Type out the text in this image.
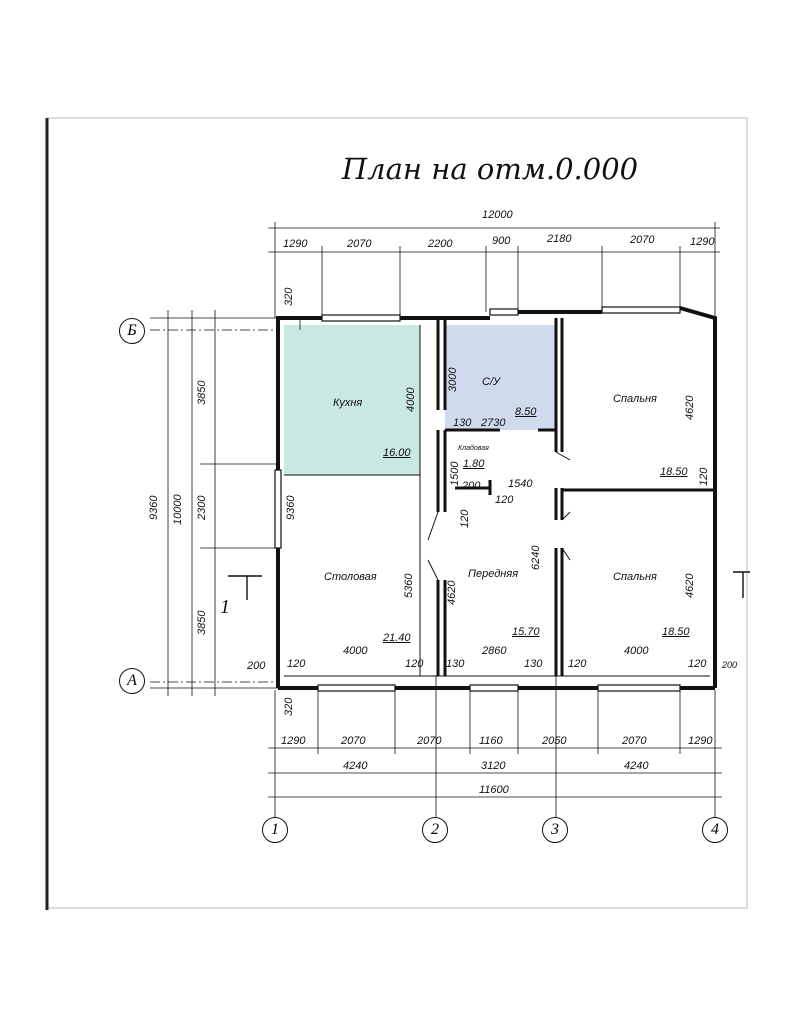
План на отм.0.000
Б
А
1	2	3	4
1
12000
1290	2070	2200	900	2180	2070	1290
1290	2070	2070	1160	2050	2070	1290
4240	3120	4240
11600
9360 10000
3850
2300
3850
320
320
Кухня
16.00
С/У
8.50
Спальня
18.50
Кладовая
1.80
Столовая
21.40
Передняя
15.70
Спальня
18.50
4000
3000
4620
4620
5360
9360
4620
6240
130 2730
1500 200	1540
120
120
120
200 120
4000
120 130
2860
130 120
4000
120 200
